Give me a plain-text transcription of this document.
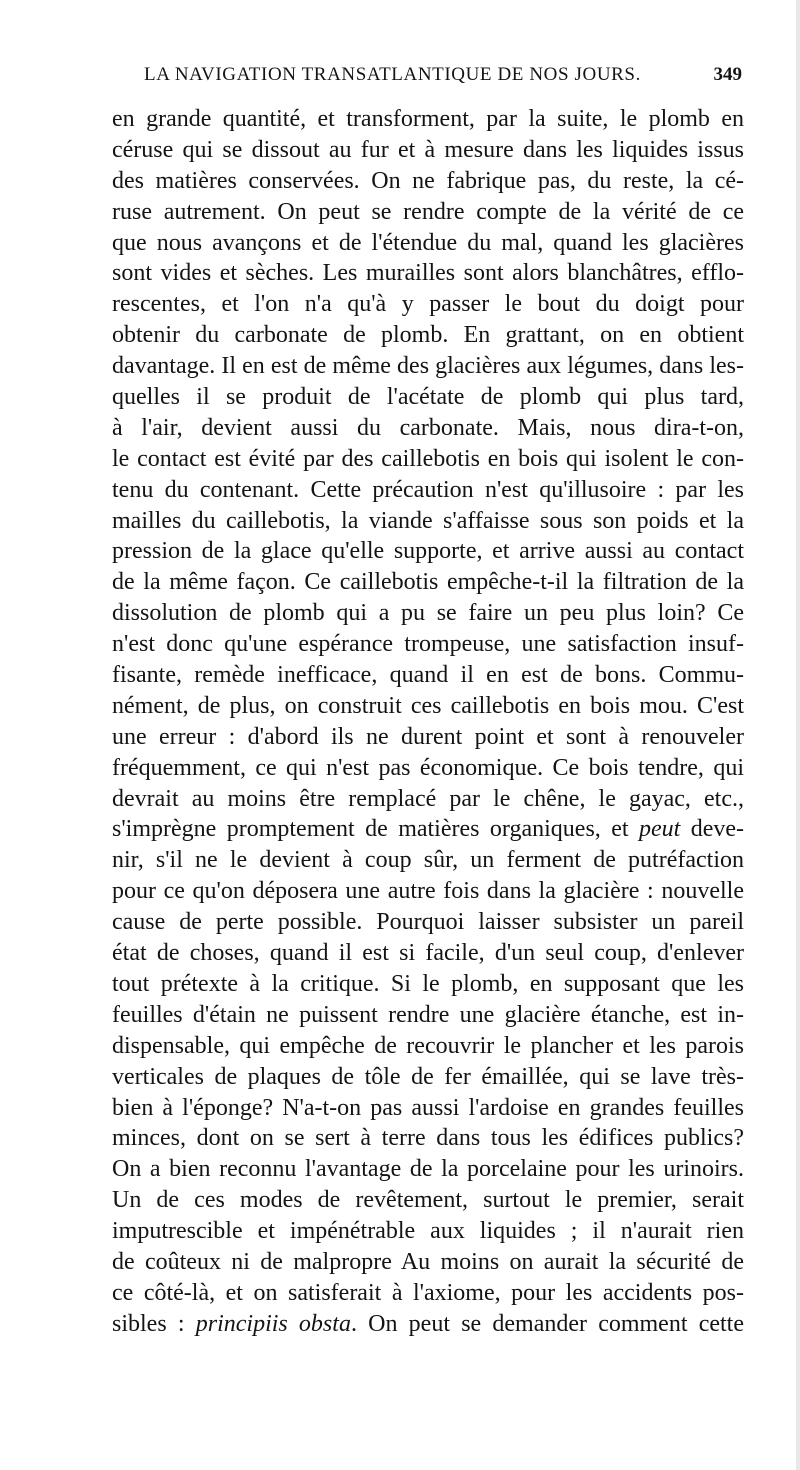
LA NAVIGATION TRANSATLANTIQUE DE NOS JOURS.	349
en grande quantité, et transforment, par la suite, le plomb en
céruse qui se dissout au fur et à mesure dans les liquides issus
des matières conservées. On ne fabrique pas, du reste, la cé-
ruse autrement. On peut se rendre compte de la vérité de ce
que nous avançons et de l'étendue du mal, quand les glacières
sont vides et sèches. Les murailles sont alors blanchâtres, efflo-
rescentes, et l'on n'a qu'à y passer le bout du doigt pour
obtenir du carbonate de plomb. En grattant, on en obtient
davantage. Il en est de même des glacières aux légumes, dans les-
quelles il se produit de l'acétate de plomb qui plus tard,
à l'air, devient aussi du carbonate. Mais, nous dira-t-on,
le contact est évité par des caillebotis en bois qui isolent le con-
tenu du contenant. Cette précaution n'est qu'illusoire : par les
mailles du caillebotis, la viande s'affaisse sous son poids et la
pression de la glace qu'elle supporte, et arrive aussi au contact
de la même façon. Ce caillebotis empêche-t-il la filtration de la
dissolution de plomb qui a pu se faire un peu plus loin? Ce
n'est donc qu'une espérance trompeuse, une satisfaction insuf-
fisante, remède inefficace, quand il en est de bons. Commu-
nément, de plus, on construit ces caillebotis en bois mou. C'est
une erreur : d'abord ils ne durent point et sont à renouveler
fréquemment, ce qui n'est pas économique. Ce bois tendre, qui
devrait au moins être remplacé par le chêne, le gayac, etc.,
s'imprègne promptement de matières organiques, et peut deve-
nir, s'il ne le devient à coup sûr, un ferment de putréfaction
pour ce qu'on déposera une autre fois dans la glacière : nouvelle
cause de perte possible. Pourquoi laisser subsister un pareil
état de choses, quand il est si facile, d'un seul coup, d'enlever
tout prétexte à la critique. Si le plomb, en supposant que les
feuilles d'étain ne puissent rendre une glacière étanche, est in-
dispensable, qui empêche de recouvrir le plancher et les parois
verticales de plaques de tôle de fer émaillée, qui se lave très-
bien à l'éponge? N'a-t-on pas aussi l'ardoise en grandes feuilles
minces, dont on se sert à terre dans tous les édifices publics?
On a bien reconnu l'avantage de la porcelaine pour les urinoirs.
Un de ces modes de revêtement, surtout le premier, serait
imputrescible et impénétrable aux liquides ; il n'aurait rien
de coûteux ni de malpropre Au moins on aurait la sécurité de
ce côté-là, et on satisferait à l'axiome, pour les accidents pos-
sibles : principiis obsta. On peut se demander comment cette
